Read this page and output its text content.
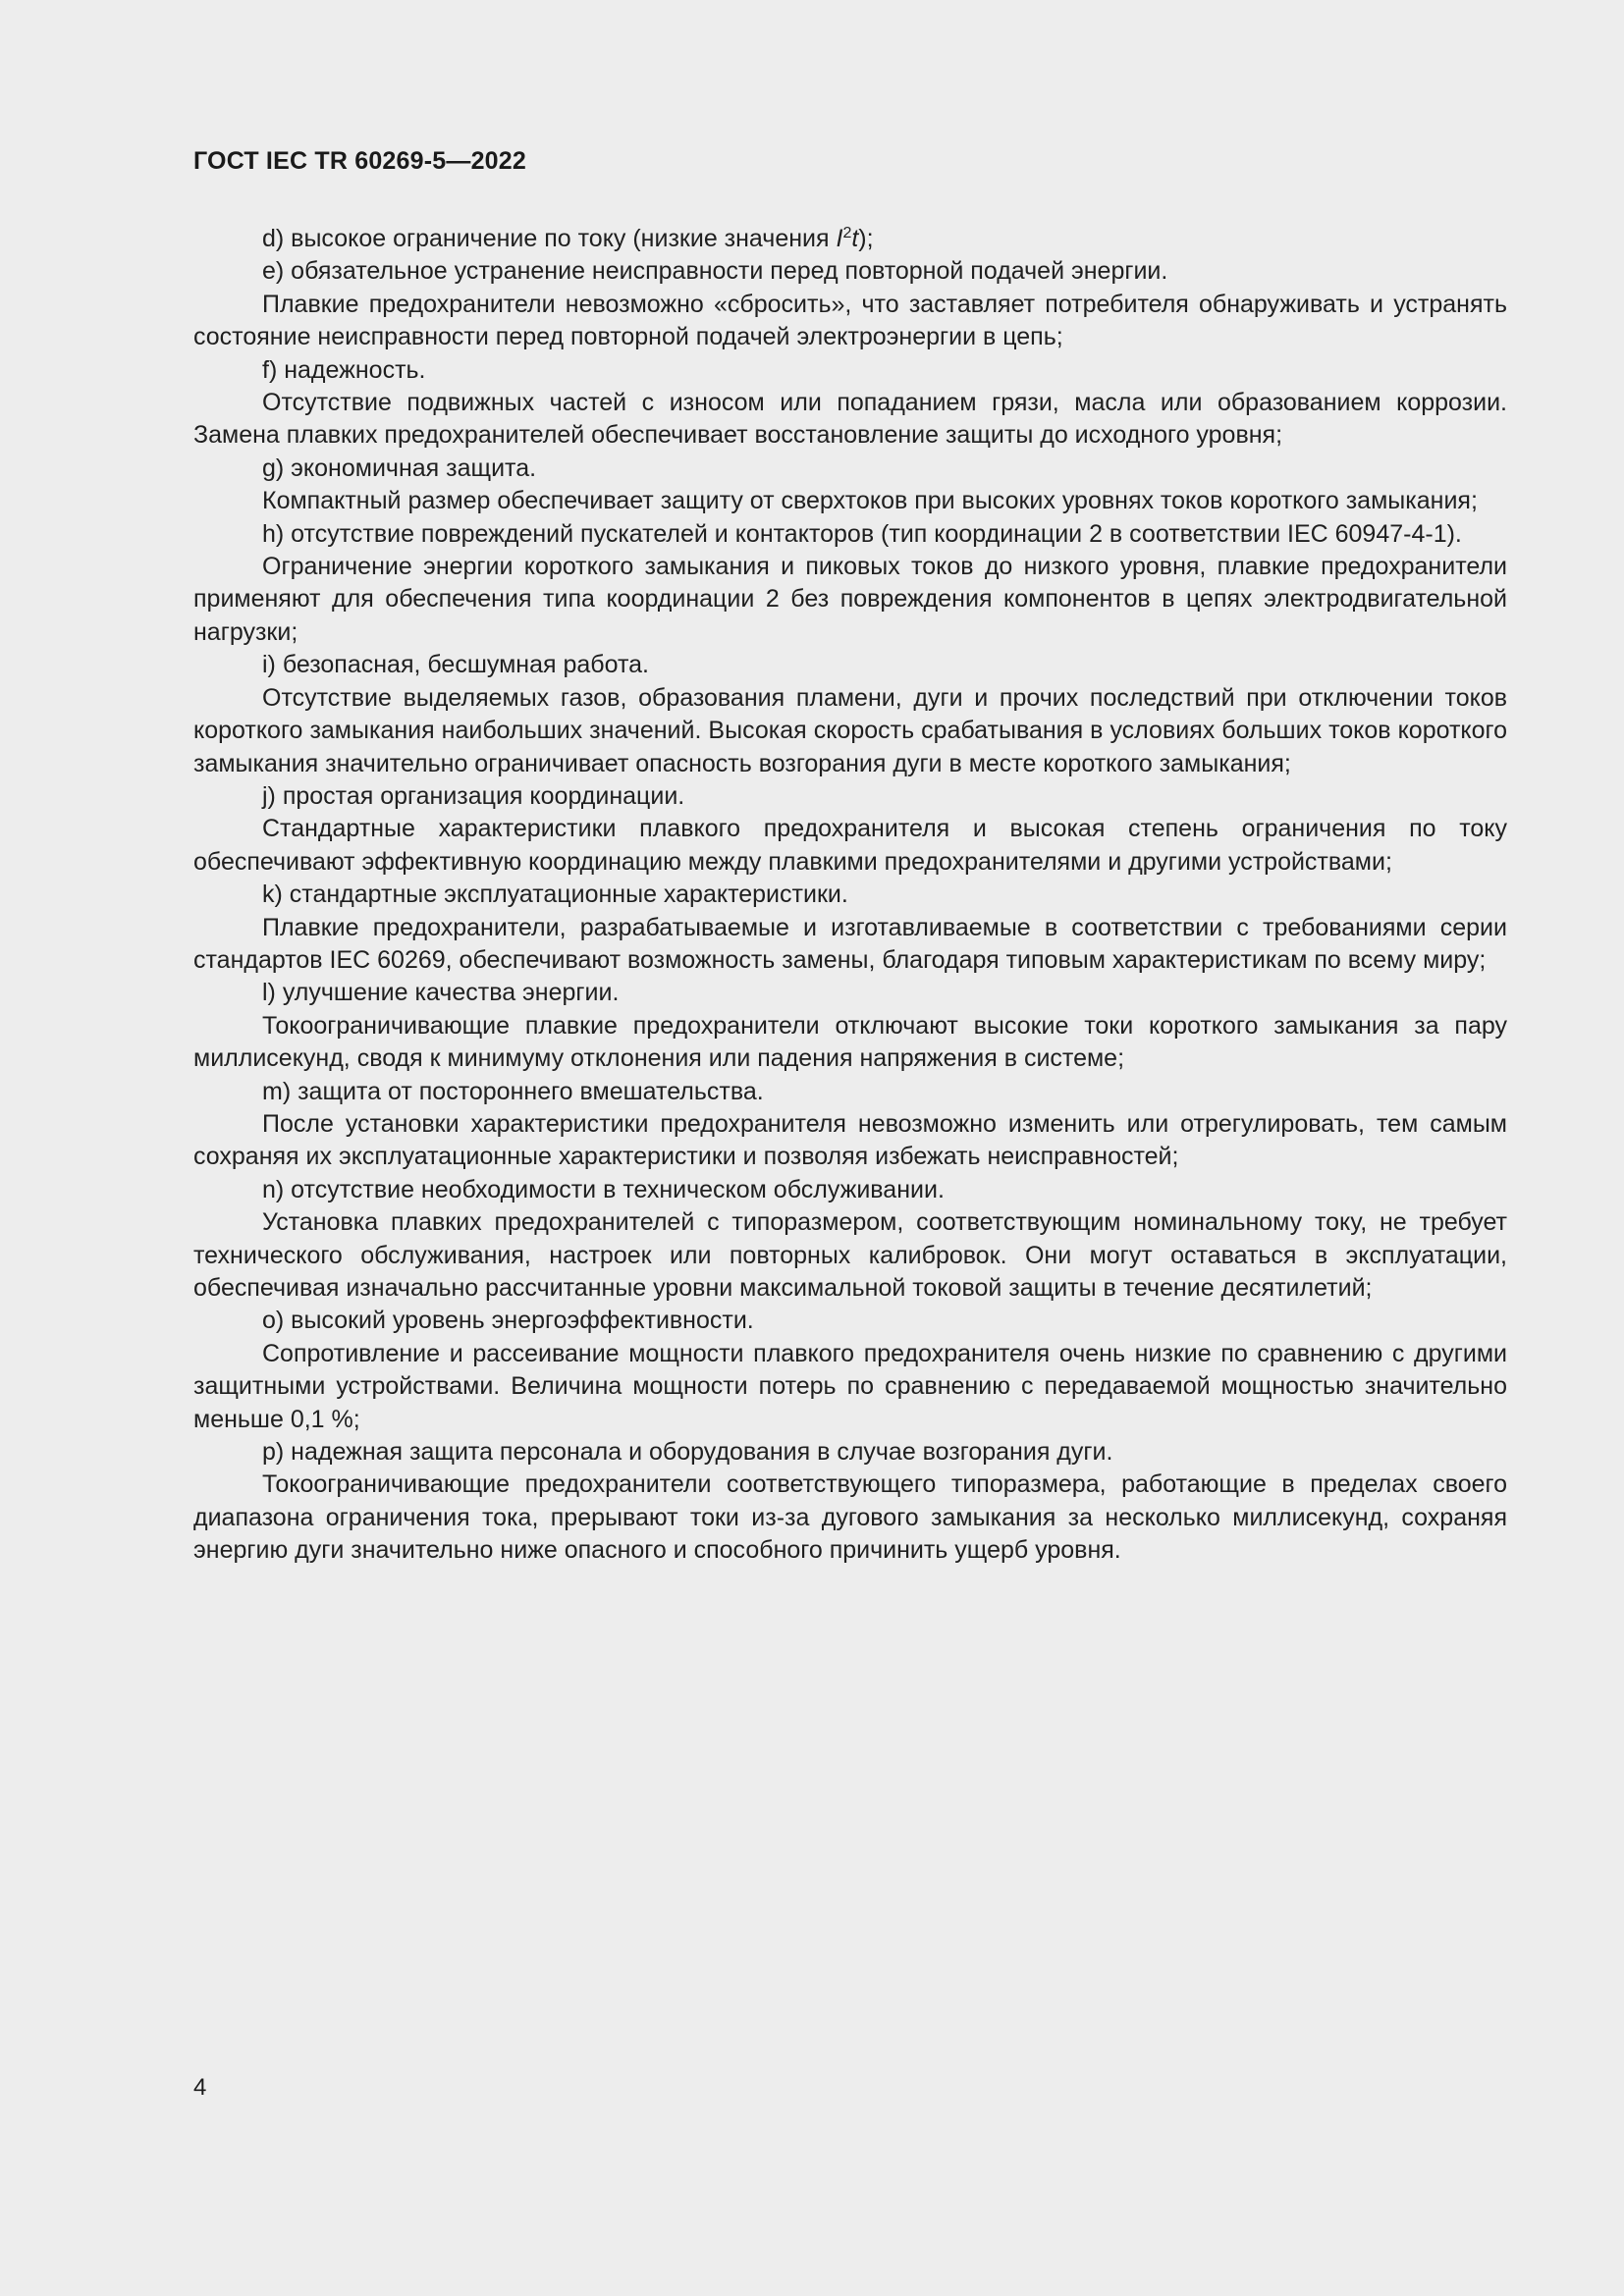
ГОСТ IEC TR 60269-5—2022

d) высокое ограничение по току (низкие значения $I^2t$);

e) обязательное устранение неисправности перед повторной подачей энергии.

Плавкие предохранители невозможно «сбросить», что заставляет потребителя обнаруживать и устранять состояние неисправности перед повторной подачей электроэнергии в цепь;

f) надежность.

Отсутствие подвижных частей с износом или попаданием грязи, масла или образованием коррозии. Замена плавких предохранителей обеспечивает восстановление защиты до исходного уровня;

g) экономичная защита.

Компактный размер обеспечивает защиту от сверхтоков при высоких уровнях токов короткого замыкания;

h) отсутствие повреждений пускателей и контакторов (тип координации 2 в соответствии IEC 60947-4-1).

Ограничение энергии короткого замыкания и пиковых токов до низкого уровня, плавкие предохранители применяют для обеспечения типа координации 2 без повреждения компонентов в цепях электродвигательной нагрузки;

i) безопасная, бесшумная работа.

Отсутствие выделяемых газов, образования пламени, дуги и прочих последствий при отключении токов короткого замыкания наибольших значений. Высокая скорость срабатывания в условиях больших токов короткого замыкания значительно ограничивает опасность возгорания дуги в месте короткого замыкания;

j) простая организация координации.

Стандартные характеристики плавкого предохранителя и высокая степень ограничения по току обеспечивают эффективную координацию между плавкими предохранителями и другими устройствами;

k) стандартные эксплуатационные характеристики.

Плавкие предохранители, разрабатываемые и изготавливаемые в соответствии с требованиями серии стандартов IEC 60269, обеспечивают возможность замены, благодаря типовым характеристикам по всему миру;

l) улучшение качества энергии.

Токоограничивающие плавкие предохранители отключают высокие токи короткого замыкания за пару миллисекунд, сводя к минимуму отклонения или падения напряжения в системе;

m) защита от постороннего вмешательства.

После установки характеристики предохранителя невозможно изменить или отрегулировать, тем самым сохраняя их эксплуатационные характеристики и позволяя избежать неисправностей;

n) отсутствие необходимости в техническом обслуживании.

Установка плавких предохранителей с типоразмером, соответствующим номинальному току, не требует технического обслуживания, настроек или повторных калибровок. Они могут оставаться в эксплуатации, обеспечивая изначально рассчитанные уровни максимальной токовой защиты в течение десятилетий;

o) высокий уровень энергоэффективности.

Сопротивление и рассеивание мощности плавкого предохранителя очень низкие по сравнению с другими защитными устройствами. Величина мощности потерь по сравнению с передаваемой мощностью значительно меньше 0,1 %;

p) надежная защита персонала и оборудования в случае возгорания дуги.

Токоограничивающие предохранители соответствующего типоразмера, работающие в пределах своего диапазона ограничения тока, прерывают токи из-за дугового замыкания за несколько миллисекунд, сохраняя энергию дуги значительно ниже опасного и способного причинить ущерб уровня.

4
